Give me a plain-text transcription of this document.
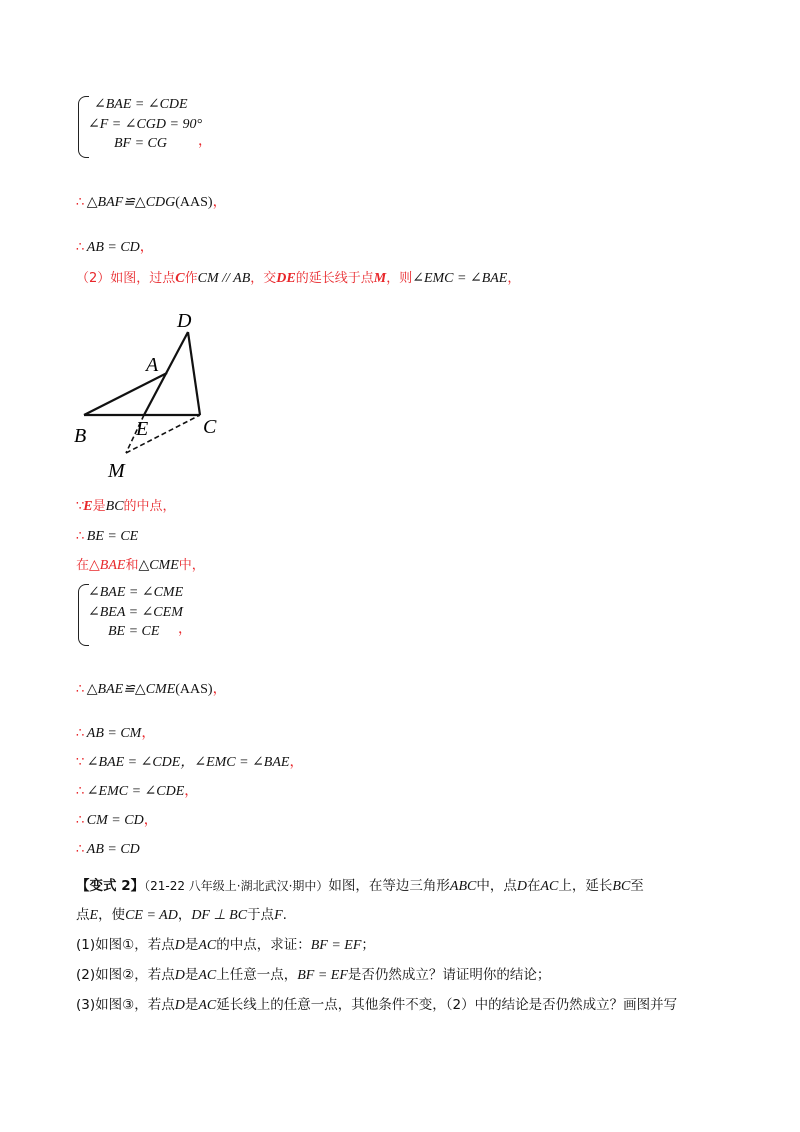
∠BAE = ∠CDE
∠F = ∠CGD = 90°
BF = CG ，
∴ △BAF≌△CDG(AAS)，
∴ AB = CD，
（2）如图，过点C作CM // AB，交DE的延长线于点M，则∠EMC = ∠BAE，
D
A
B E	C
M
∵E是BC的中点，
∴ BE = CE
在△BAE和△CME中，
∠BAE = ∠CME
∠BEA = ∠CEM
BE = CE ，
∴ △BAE≌△CME(AAS)，
∴ AB = CM，
∵ ∠BAE = ∠CDE，∠EMC = ∠BAE，
∴ ∠EMC = ∠CDE，
∴ CM = CD，
∴ AB = CD
【变式 2】（21-22 八年级上·湖北武汉·期中）如图，在等边三角形ABC中，点D在AC上，延长BC至
点E，使CE = AD，DF ⊥ BC于点F.
(1)如图①，若点D是AC的中点，求证：BF = EF；
(2)如图②，若点D是AC上任意一点，BF = EF是否仍然成立？请证明你的结论；
(3)如图③，若点D是AC延长线上的任意一点，其他条件不变，（2）中的结论是否仍然成立？画图并写
